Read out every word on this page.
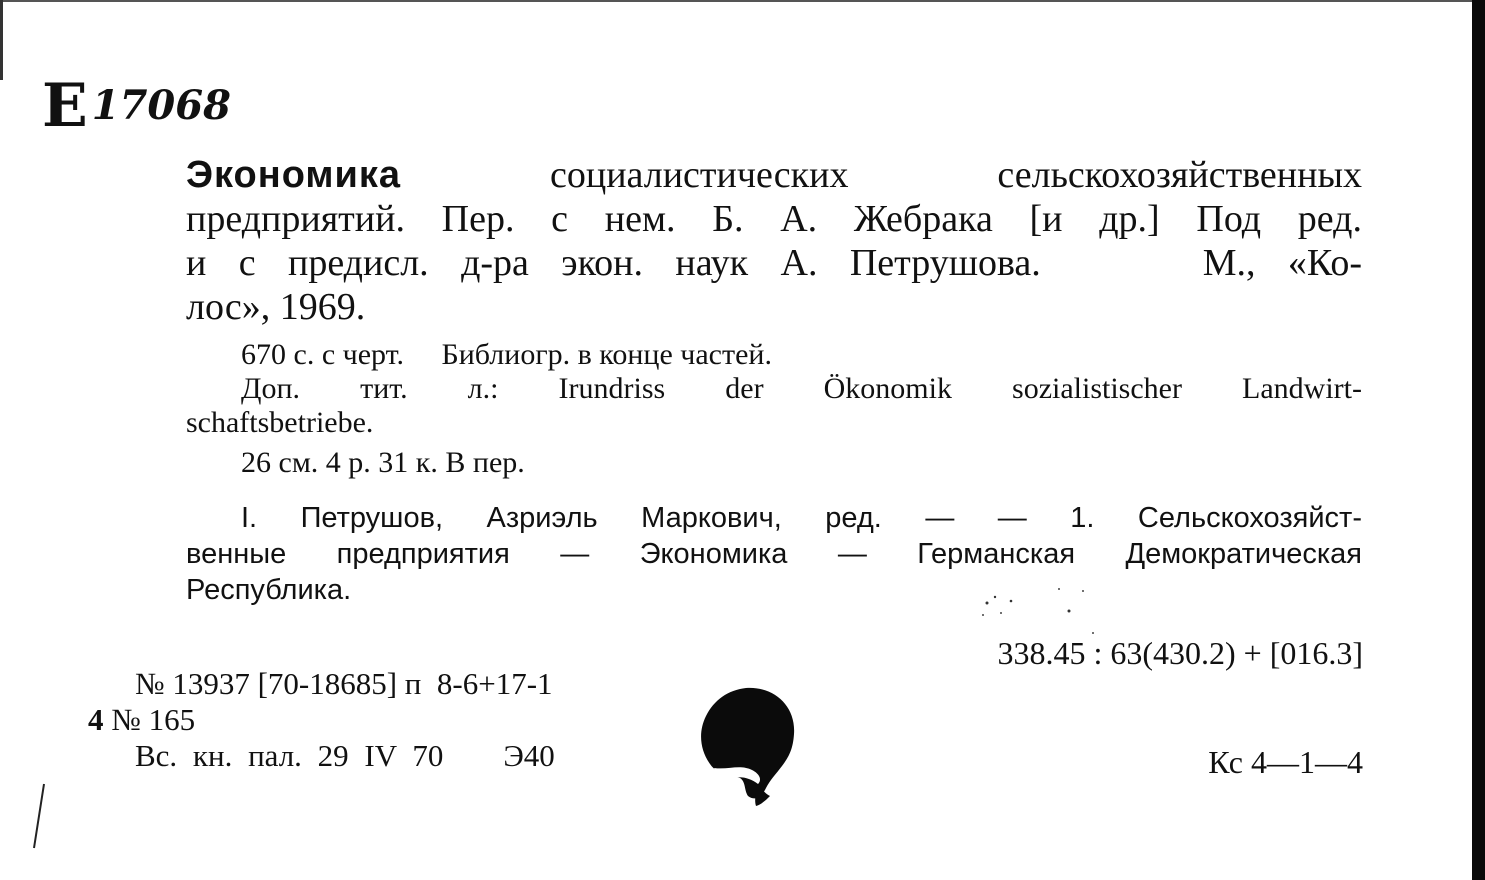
E 17068
Экономика социалистических сельскохозяйственных
предприятий. Пер. с нем. Б. А. Жебрака [и др.] Под ред.
и с предисл. д-ра экон. наук А. Петрушова.     М., «Ко-
лос», 1969.
670 с. с черт.     Библиогр. в конце частей.
Доп. тит. л.: Irundriss der Ökonomik sozialistischer Landwirt-
schaftsbetriebe.
26 см. 4 р. 31 к. В пер.
I. Петрушов, Азриэль Маркович, ред. — — 1. Сельскохозяйст-
венные предприятия — Экономика — Германская Демократическая
Республика.
338.45 : 63(430.2) + [016.3]
№ 13937 [70-18685] п  8-6+17-1
4 № 165
Вс. кн. пал. 29 IV 70 Э40	Кс 4—1—4
